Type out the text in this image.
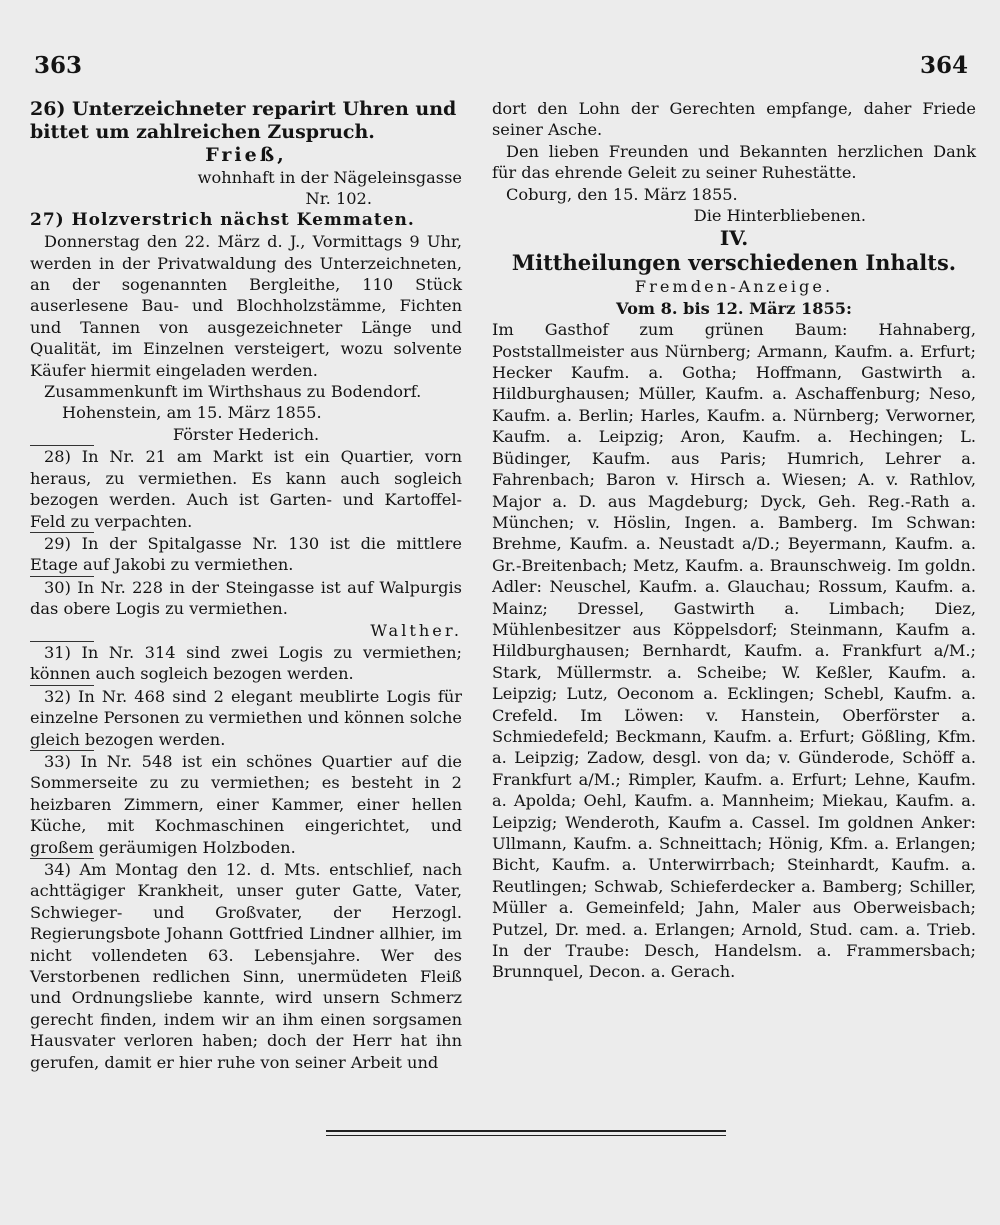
363	364

26) Unterzeichneter reparirt Uhren und bittet um zahlreichen Zuspruch.

Frieß,

wohnhaft in der Nägeleinsgasse

Nr. 102.

27) Holzverstrich nächst Kemmaten.

Donnerstag den 22. März d. J., Vormittags 9 Uhr, werden in der Privatwaldung des Unterzeichneten, an der sogenannten Bergleithe, 110 Stück auserlesene Bau- und Blochholzstämme, Fichten und Tannen von ausgezeichneter Länge und Qualität, im Einzelnen versteigert, wozu solvente Käufer hiermit eingeladen werden.

Zusammenkunft im Wirthshaus zu Bodendorf.

Hohenstein, am 15. März 1855.

Förster Hederich.

28) In Nr. 21 am Markt ist ein Quartier, vorn heraus, zu vermiethen. Es kann auch sogleich bezogen werden. Auch ist Garten- und Kartoffel-Feld zu verpachten.

29) In der Spitalgasse Nr. 130 ist die mittlere Etage auf Jakobi zu vermiethen.

30) In Nr. 228 in der Steingasse ist auf Walpurgis das obere Logis zu vermiethen.

Walther.

31) In Nr. 314 sind zwei Logis zu vermiethen; können auch sogleich bezogen werden.

32) In Nr. 468 sind 2 elegant meublirte Logis für einzelne Personen zu vermiethen und können solche gleich bezogen werden.

33) In Nr. 548 ist ein schönes Quartier auf die Sommerseite zu zu vermiethen; es besteht in 2 heizbaren Zimmern, einer Kammer, einer hellen Küche, mit Kochmaschinen eingerichtet, und großem geräumigen Holzboden.

34) Am Montag den 12. d. Mts. entschlief, nach achttägiger Krankheit, unser guter Gatte, Vater, Schwieger- und Großvater, der Herzogl. Regierungsbote Johann Gottfried Lindner allhier, im nicht vollendeten 63. Lebensjahre. Wer des Verstorbenen redlichen Sinn, unermüdeten Fleiß und Ordnungsliebe kannte, wird unsern Schmerz gerecht finden, indem wir an ihm einen sorgsamen Hausvater verloren haben; doch der Herr hat ihn gerufen, damit er hier ruhe von seiner Arbeit und

dort den Lohn der Gerechten empfange, daher Friede seiner Asche.

Den lieben Freunden und Bekannten herzlichen Dank für das ehrende Geleit zu seiner Ruhestätte.

Coburg, den 15. März 1855.

Die Hinterbliebenen.

IV.
Mittheilungen verschiedenen Inhalts.

Fremden-Anzeige.

Vom 8. bis 12. März 1855:

Im Gasthof zum grünen Baum: Hahnaberg, Poststallmeister aus Nürnberg; Armann, Kaufm. a. Erfurt; Hecker Kaufm. a. Gotha; Hoffmann, Gastwirth a. Hildburghausen; Müller, Kaufm. a. Aschaffenburg; Neso, Kaufm. a. Berlin; Harles, Kaufm. a. Nürnberg; Verworner, Kaufm. a. Leipzig; Aron, Kaufm. a. Hechingen; L. Büdinger, Kaufm. aus Paris; Humrich, Lehrer a. Fahrenbach; Baron v. Hirsch a. Wiesen; A. v. Rathlov, Major a. D. aus Magdeburg; Dyck, Geh. Reg.-Rath a. München; v. Höslin, Ingen. a. Bamberg. Im Schwan: Brehme, Kaufm. a. Neustadt a/D.; Beyermann, Kaufm. a. Gr.-Breitenbach; Metz, Kaufm. a. Braunschweig. Im goldn. Adler: Neuschel, Kaufm. a. Glauchau; Rossum, Kaufm. a. Mainz; Dressel, Gastwirth a. Limbach; Diez, Mühlenbesitzer aus Köppelsdorf; Steinmann, Kaufm a. Hildburghausen; Bernhardt, Kaufm. a. Frankfurt a/M.; Stark, Müllermstr. a. Scheibe; W. Keßler, Kaufm. a. Leipzig; Lutz, Oeconom a. Ecklingen; Schebl, Kaufm. a. Crefeld. Im Löwen: v. Hanstein, Oberförster a. Schmiedefeld; Beckmann, Kaufm. a. Erfurt; Gößling, Kfm. a. Leipzig; Zadow, desgl. von da; v. Günderode, Schöff a. Frankfurt a/M.; Rimpler, Kaufm. a. Erfurt; Lehne, Kaufm. a. Apolda; Oehl, Kaufm. a. Mannheim; Miekau, Kaufm. a. Leipzig; Wenderoth, Kaufm a. Cassel. Im goldnen Anker: Ullmann, Kaufm. a. Schneittach; Hönig, Kfm. a. Erlangen; Bicht, Kaufm. a. Unterwirrbach; Steinhardt, Kaufm. a. Reutlingen; Schwab, Schieferdecker a. Bamberg; Schiller, Müller a. Gemeinfeld; Jahn, Maler aus Oberweisbach; Putzel, Dr. med. a. Erlangen; Arnold, Stud. cam. a. Trieb. In der Traube: Desch, Handelsm. a. Frammersbach; Brunnquel, Decon. a. Gerach.
